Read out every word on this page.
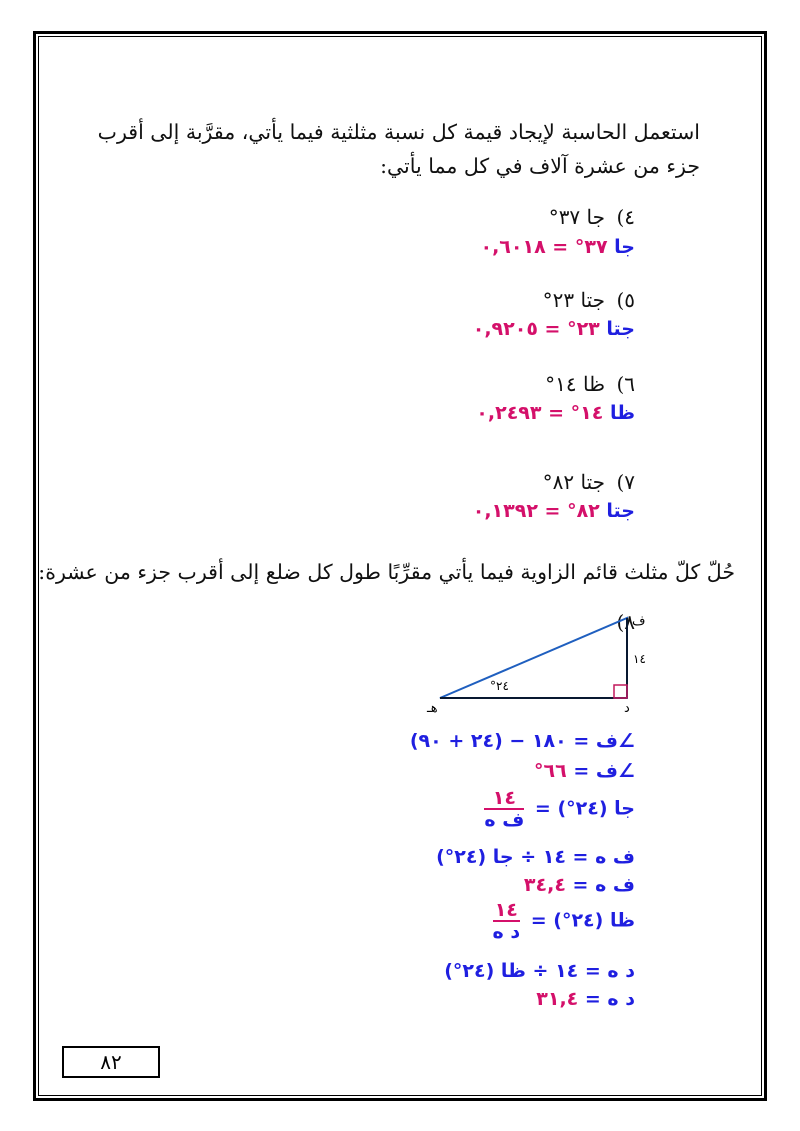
استعمل الحاسبة لإيجاد قيمة كل نسبة مثلثية فيما يأتي، مقرَّبة إلى أقرب
جزء من عشرة آلاف في كل مما يأتي:
٤)جا ٣٧°
جا ٣٧° = ٠,٦٠١٨
٥)جتا ٢٣°
جتا ٢٣° = ٠,٩٢٠٥
٦)ظا ١٤°
ظا ١٤° = ٠,٢٤٩٣
٧)جتا ٨٢°
جتا ٨٢° = ٠,١٣٩٢
حُلّ كلّ مثلث قائم الزاوية فيما يأتي مقرِّبًا طول كل ضلع إلى أقرب جزء من عشرة:
٨)
ف
د
هـ
١٤
°٢٤
∠ف = ١٨٠ − (٢٤ + ٩٠)
∠ف = ٦٦°
جا (٢٤°) =
$\frac{١٤}{\text{ف ه}}$
ف ه = ١٤ ÷ جا (٢٤°)
ف ه = ٣٤,٤
ظا (٢٤°) =
$\frac{١٤}{\text{د ه}}$
د ه = ١٤ ÷ ظا (٢٤°)
د ه = ٣١,٤
٨٢
